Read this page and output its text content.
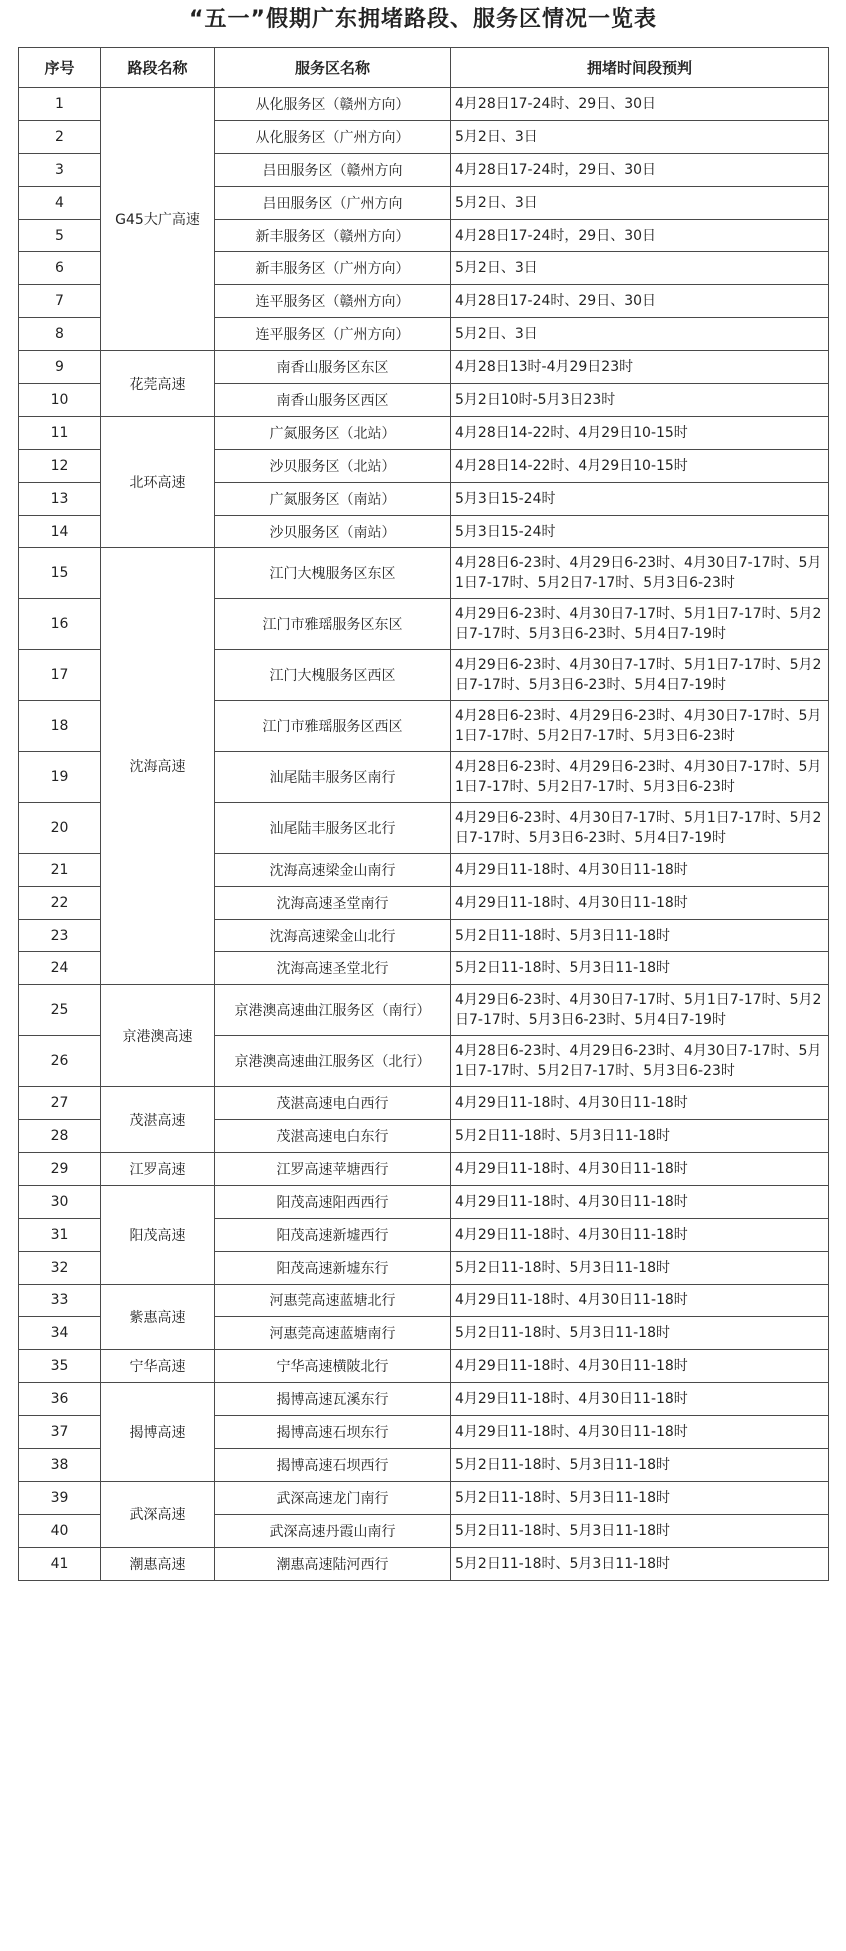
“五一”假期广东拥堵路段、服务区情况一览表
序号	路段名称	服务区名称	拥堵时间段预判
1	G45大广高速	从化服务区（赣州方向）	4月28日17-24时、29日、30日
2		从化服务区（广州方向）	5月2日、3日
3		吕田服务区（赣州方向	4月28日17-24时，29日、30日
4		吕田服务区（广州方向	5月2日、3日
5		新丰服务区（赣州方向）	4月28日17-24时，29日、30日
6		新丰服务区（广州方向）	5月2日、3日
7		连平服务区（赣州方向）	4月28日17-24时、29日、30日
8		连平服务区（广州方向）	5月2日、3日
9	花莞高速	南香山服务区东区	4月28日13时-4月29日23时
10		南香山服务区西区	5月2日10时-5月3日23时
11	北环高速	广氮服务区（北站）	4月28日14-22时、4月29日10-15时
12		沙贝服务区（北站）	4月28日14-22时、4月29日10-15时
13		广氮服务区（南站）	5月3日15-24时
14		沙贝服务区（南站）	5月3日15-24时
15	沈海高速	江门大槐服务区东区	4月28日6-23时、4月29日6-23时、4月30日7-17时、5月1日7-17时、5月2日7-17时、5月3日6-23时
16		江门市雅瑶服务区东区	4月29日6-23时、4月30日7-17时、5月1日7-17时、5月2日7-17时、5月3日6-23时、5月4日7-19时
17		江门大槐服务区西区	4月29日6-23时、4月30日7-17时、5月1日7-17时、5月2日7-17时、5月3日6-23时、5月4日7-19时
18		江门市雅瑶服务区西区	4月28日6-23时、4月29日6-23时、4月30日7-17时、5月1日7-17时、5月2日7-17时、5月3日6-23时
19		汕尾陆丰服务区南行	4月28日6-23时、4月29日6-23时、4月30日7-17时、5月1日7-17时、5月2日7-17时、5月3日6-23时
20		汕尾陆丰服务区北行	4月29日6-23时、4月30日7-17时、5月1日7-17时、5月2日7-17时、5月3日6-23时、5月4日7-19时
21		沈海高速梁金山南行	4月29日11-18时、4月30日11-18时
22		沈海高速圣堂南行	4月29日11-18时、4月30日11-18时
23		沈海高速梁金山北行	5月2日11-18时、5月3日11-18时
24		沈海高速圣堂北行	5月2日11-18时、5月3日11-18时
25	京港澳高速	京港澳高速曲江服务区（南行）	4月29日6-23时、4月30日7-17时、5月1日7-17时、5月2日7-17时、5月3日6-23时、5月4日7-19时
26		京港澳高速曲江服务区（北行）	4月28日6-23时、4月29日6-23时、4月30日7-17时、5月1日7-17时、5月2日7-17时、5月3日6-23时
27	茂湛高速	茂湛高速电白西行	4月29日11-18时、4月30日11-18时
28		茂湛高速电白东行	5月2日11-18时、5月3日11-18时
29	江罗高速	江罗高速苹塘西行	4月29日11-18时、4月30日11-18时
30	阳茂高速	阳茂高速阳西西行	4月29日11-18时、4月30日11-18时
31		阳茂高速新墟西行	4月29日11-18时、4月30日11-18时
32		阳茂高速新墟东行	5月2日11-18时、5月3日11-18时
33	紫惠高速	河惠莞高速蓝塘北行	4月29日11-18时、4月30日11-18时
34		河惠莞高速蓝塘南行	5月2日11-18时、5月3日11-18时
35	宁华高速	宁华高速横陂北行	4月29日11-18时、4月30日11-18时
36	揭博高速	揭博高速瓦溪东行	4月29日11-18时、4月30日11-18时
37		揭博高速石坝东行	4月29日11-18时、4月30日11-18时
38		揭博高速石坝西行	5月2日11-18时、5月3日11-18时
39	武深高速	武深高速龙门南行	5月2日11-18时、5月3日11-18时
40		武深高速丹霞山南行	5月2日11-18时、5月3日11-18时
41	潮惠高速	潮惠高速陆河西行	5月2日11-18时、5月3日11-18时
